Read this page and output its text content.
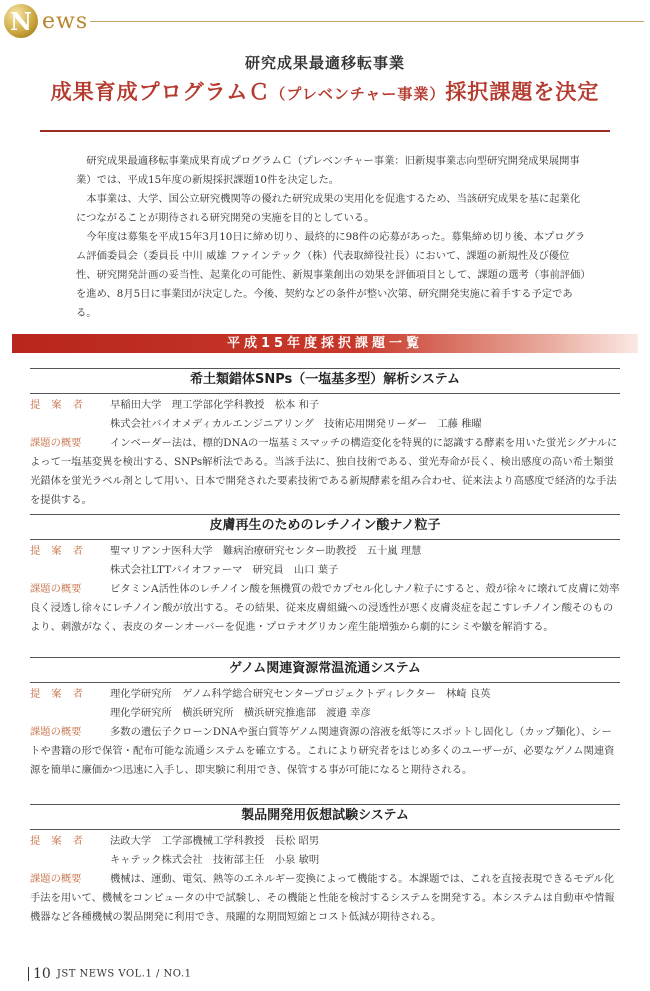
N ews
研究成果最適移転事業
成果育成プログラムＣ（プレベンチャー事業）採択課題を決定

研究成果最適移転事業成果育成プログラムＣ（プレベンチャー事業：旧新規事業志向型研究開発成果展開事業）では、平成15年度の新規採択課題10件を決定した。

本事業は、大学、国公立研究機関等の優れた研究成果の実用化を促進するため、当該研究成果を基に起業化につながることが期待される研究開発の実施を目的としている。

今年度は募集を平成15年3月10日に締め切り、最終的に98件の応募があった。募集締め切り後、本プログラム評価委員会（委員長 中川 威雄 ファインテック（株）代表取締役社長）において、課題の新規性及び優位性、研究開発計画の妥当性、起業化の可能性、新規事業創出の効果を評価項目として、課題の選考（事前評価）を進め、8月5日に事業団が決定した。今後、契約などの条件が整い次第、研究開発実施に着手する予定である。

平成15年度採択課題一覧
希土類錯体SNPs（一塩基多型）解析システム
提案者 早稲田大学　理工学部化学科教授　松本 和子
株式会社バイオメディカルエンジニアリング　技術応用開発リーダー　工藤 稚曜
課題の概要	インベーダー法は、標的DNAの一塩基ミスマッチの構造変化を特異的に認識する酵素を用いた蛍光シグナルによって一塩基変異を検出する、SNPs解析法である。当該手法に、独自技術である、蛍光寿命が長く、検出感度の高い希土類蛍光錯体を蛍光ラベル剤として用い、日本で開発された要素技術である新規酵素を組み合わせ、従来法より高感度で経済的な手法を提供する。

皮膚再生のためのレチノイン酸ナノ粒子
提案者 聖マリアンナ医科大学　難病治療研究センター助教授　五十嵐 理慧
株式会社LTTバイオファーマ　研究員　山口 葉子
課題の概要	ビタミンA活性体のレチノイン酸を無機質の殻でカプセル化しナノ粒子にすると、殻が徐々に壊れて皮膚に効率良く浸透し徐々にレチノイン酸が放出する。その結果、従来皮膚組織への浸透性が悪く皮膚炎症を起こすレチノイン酸そのものより、刺激がなく、表皮のターンオーバーを促進・プロテオグリカン産生能増強から劇的にシミや皺を解消する。

ゲノム関連資源常温流通システム
提案者 理化学研究所　ゲノム科学総合研究センタープロジェクトディレクター　林崎 良英
理化学研究所　横浜研究所　横浜研究推進部　渡邉 幸彦
課題の概要	多数の遺伝子クローンDNAや蛋白質等ゲノム関連資源の溶液を紙等にスポットし固化し（カップ麺化）、シートや書籍の形で保管・配布可能な流通システムを確立する。これにより研究者をはじめ多くのユーザーが、必要なゲノム関連資源を簡単に廉価かつ迅速に入手し、即実験に利用でき、保管する事が可能になると期待される。

製品開発用仮想試験システム
提案者 法政大学　工学部機械工学科教授　長松 昭男
キャテック株式会社　技術部主任　小泉 敏明
課題の概要	機械は、運動、電気、熱等のエネルギー変換によって機能する。本課題では、これを直接表現できるモデル化手法を用いて、機械をコンピュータの中で試験し、その機能と性能を検討するシステムを開発する。本システムは自動車や情報機器など各種機械の製品開発に利用でき、飛躍的な期間短縮とコスト低減が期待される。

10 JST NEWS VOL.1 / NO.1
